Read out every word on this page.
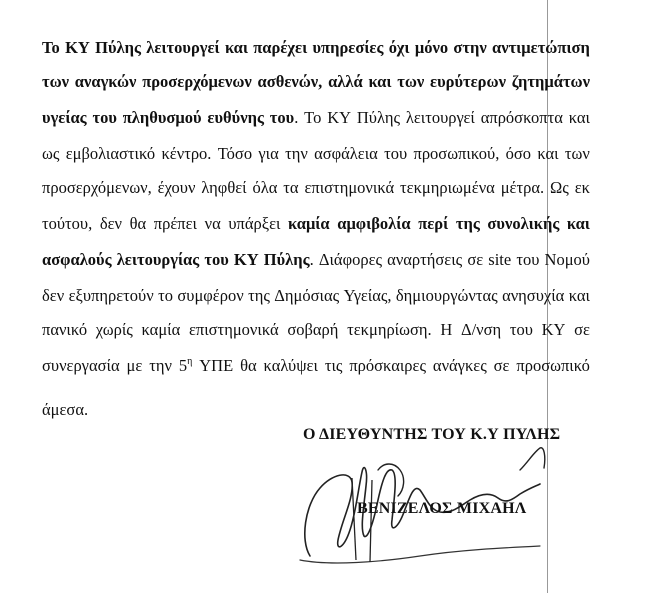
Το ΚΥ Πύλης λειτουργεί και παρέχει υπηρεσίες όχι μόνο στην αντιμετώπιση
των αναγκών προσερχόμενων ασθενών, αλλά και των ευρύτερων ζητημάτων
υγείας του πληθυσμού ευθύνης του. Το ΚΥ Πύλης λειτουργεί απρόσκοπτα και
ως εμβολιαστικό κέντρο. Τόσο για την ασφάλεια του προσωπικού, όσο και των
προσερχόμενων, έχουν ληφθεί όλα τα επιστημονικά τεκμηριωμένα μέτρα. Ως εκ
τούτου, δεν θα πρέπει να υπάρξει καμία αμφιβολία περί της συνολικής και
ασφαλούς λειτουργίας του ΚΥ Πύλης. Διάφορες αναρτήσεις σε site του Νομού
δεν εξυπηρετούν το συμφέρον της Δημόσιας Υγείας, δημιουργώντας ανησυχία και
πανικό χωρίς καμία επιστημονικά σοβαρή τεκμηρίωση. Η Δ/νση του ΚΥ σε
συνεργασία με την $5^\eta$ ΥΠΕ θα καλύψει τις πρόσκαιρες ανάγκες σε προσωπικό
άμεσα.
Ο ΔΙΕΥΘΥΝΤΗΣ ΤΟΥ Κ.Υ ΠΥΛΗΣ
ΒΕΝΙΖΕΛΟΣ ΜΙΧΑΗΛ
